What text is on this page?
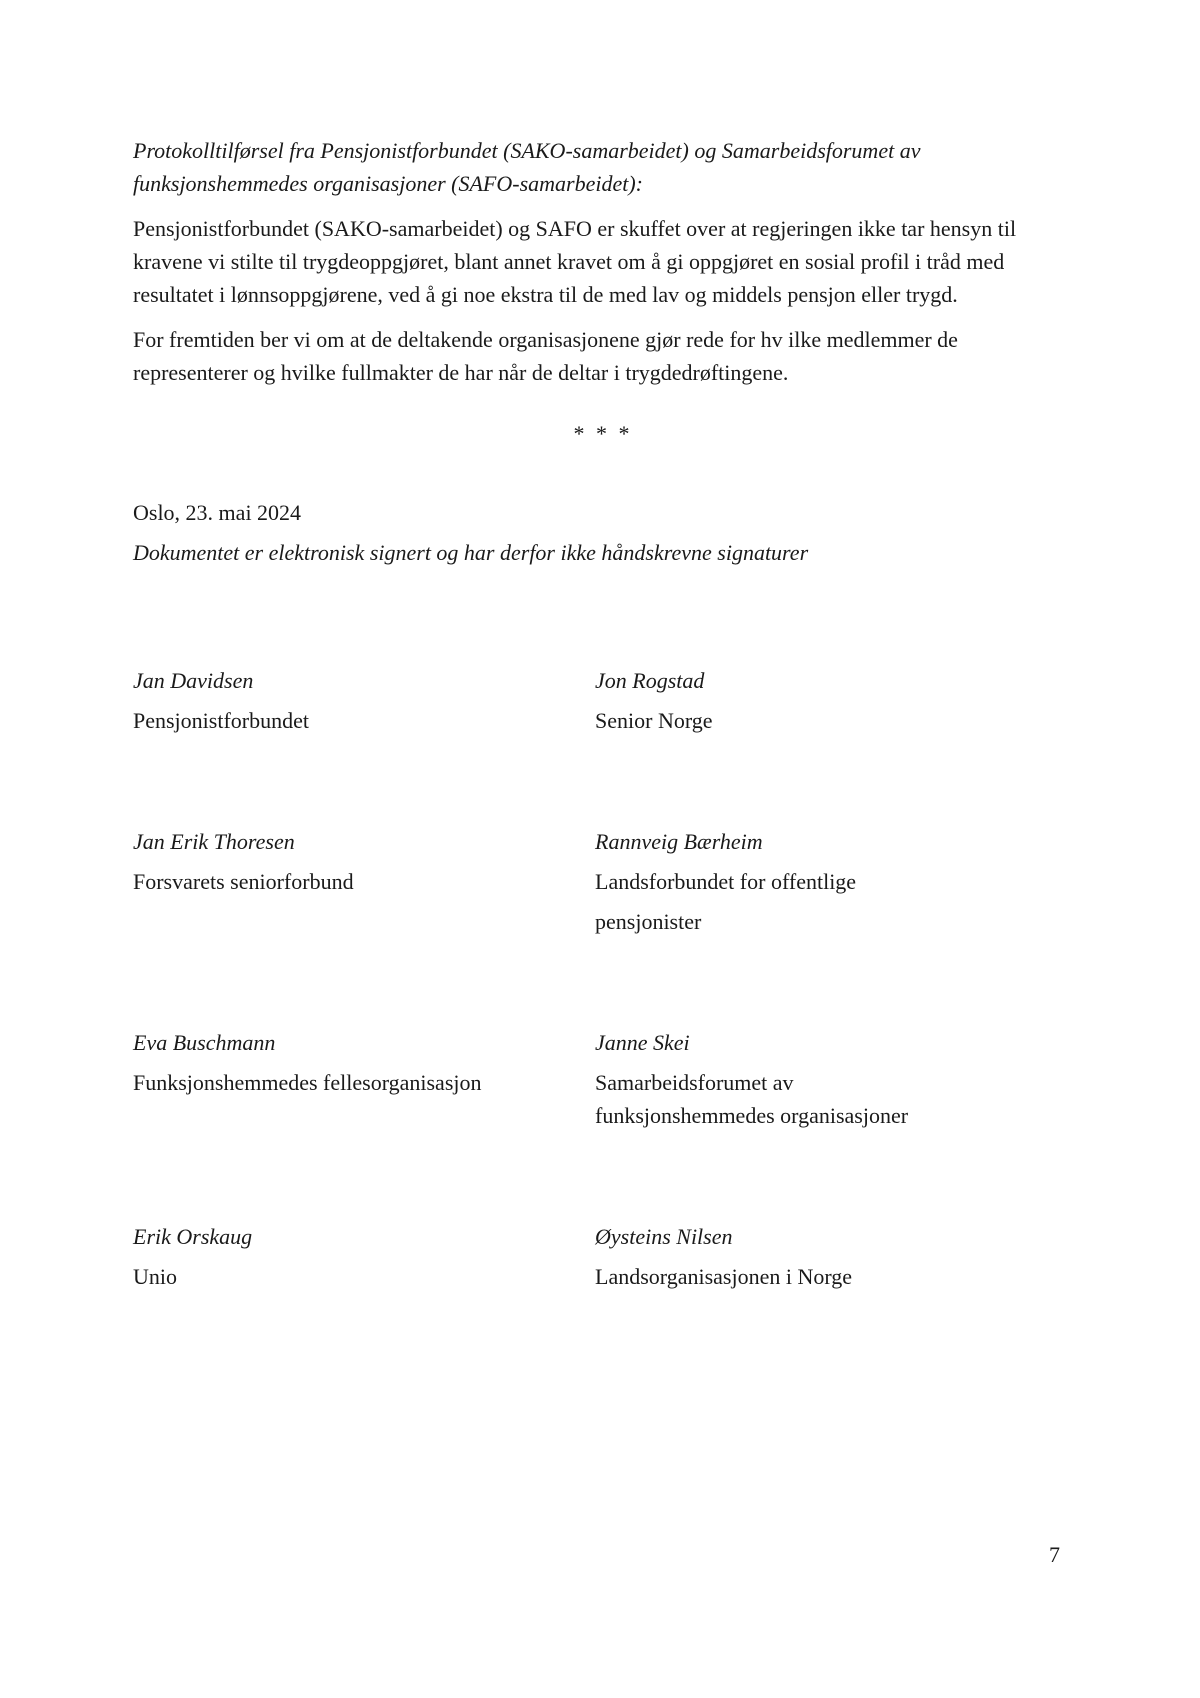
Protokolltilførsel fra Pensjonistforbundet (SAKO-samarbeidet) og Samarbeidsforumet av funksjonshemmedes organisasjoner (SAFO-samarbeidet):

Pensjonistforbundet (SAKO-samarbeidet) og SAFO er skuffet over at regjeringen ikke tar hensyn til kravene vi stilte til trygdeoppgjøret, blant annet kravet om å gi oppgjøret en sosial profil i tråd med resultatet i lønnsoppgjørene, ved å gi noe ekstra til de med lav og middels pensjon eller trygd.

For fremtiden ber vi om at de deltakende organisasjonene gjør rede for hv ilke medlemmer de representerer og hvilke fullmakter de har når de deltar i trygdedrøftingene.

* * *

Oslo, 23. mai 2024

Dokumentet er elektronisk signert og har derfor ikke håndskrevne signaturer

Jan Davidsen

Pensjonistforbundet

Jon Rogstad

Senior Norge

Jan Erik Thoresen

Forsvarets seniorforbund

Rannveig Bærheim

Landsforbundet for offentlige

pensjonister

Eva Buschmann

Funksjonshemmedes fellesorganisasjon

Janne Skei

Samarbeidsforumet av

funksjonshemmedes organisasjoner

Erik Orskaug

Unio

Øysteins Nilsen

Landsorganisasjonen i Norge

7
